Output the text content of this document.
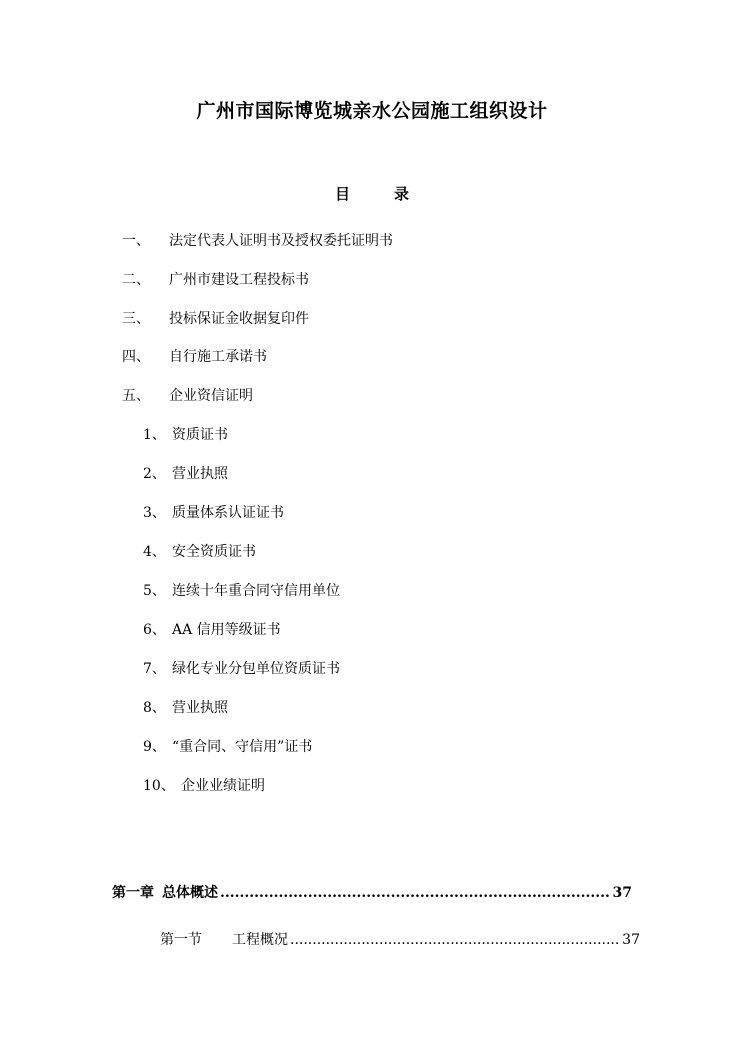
广州市国际博览城亲水公园施工组织设计
目	录
一、 法定代表人证明书及授权委托证明书
二、 广州市建设工程投标书
三、 投标保证金收据复印件
四、 自行施工承诺书
五、 企业资信证明
1、 资质证书
2、 营业执照
3、 质量体系认证证书
4、 安全资质证书
5、 连续十年重合同守信用单位
6、 AA 信用等级证书
7、 绿化专业分包单位资质证书
8、 营业执照
9、 “重合同、守信用”证书
10、 企业业绩证明
第一章 总体概述 .....	37
第一节 工程概况 .....	37
